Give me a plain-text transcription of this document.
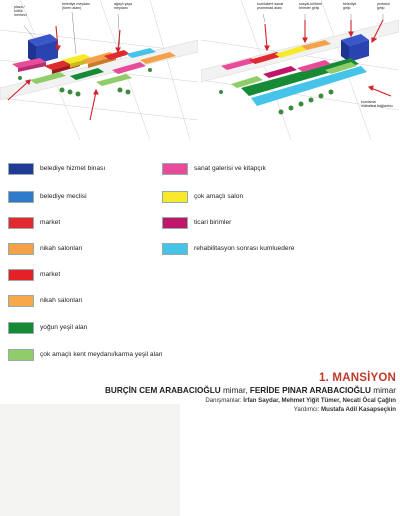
plaza /
kültür
merkezi
belediye meydanı
(tören alanı)
ağaçlı yaya
meydanı
kumlukent sanat
promenad alanı
sosyal-kültürel
birimler girişi
belediye
girişi
protokol
girişi
kumlama
mahallesi bağlantısı
belediye hizmet binası
belediye meclisi
market
nikah salonları
market
nikah salonları
yoğun yeşil alan
çok amaçlı kent meydanı/karma yeşil alan
sanat galerisi ve kitapçık
çok amaçlı salon
ticari birimler
rehabilitasyon sonrası kumluedere
1. MANSİYON
BURÇİN CEM ARABACIOĞLU mimar, FERİDE PINAR ARABACIOĞLU mimar
Danışmanlar: İrfan Saydar, Mehmet Yiğit Tümer, Necati Öcal Çağlın
Yardımcı: Mustafa Adil Kasapseçkin
